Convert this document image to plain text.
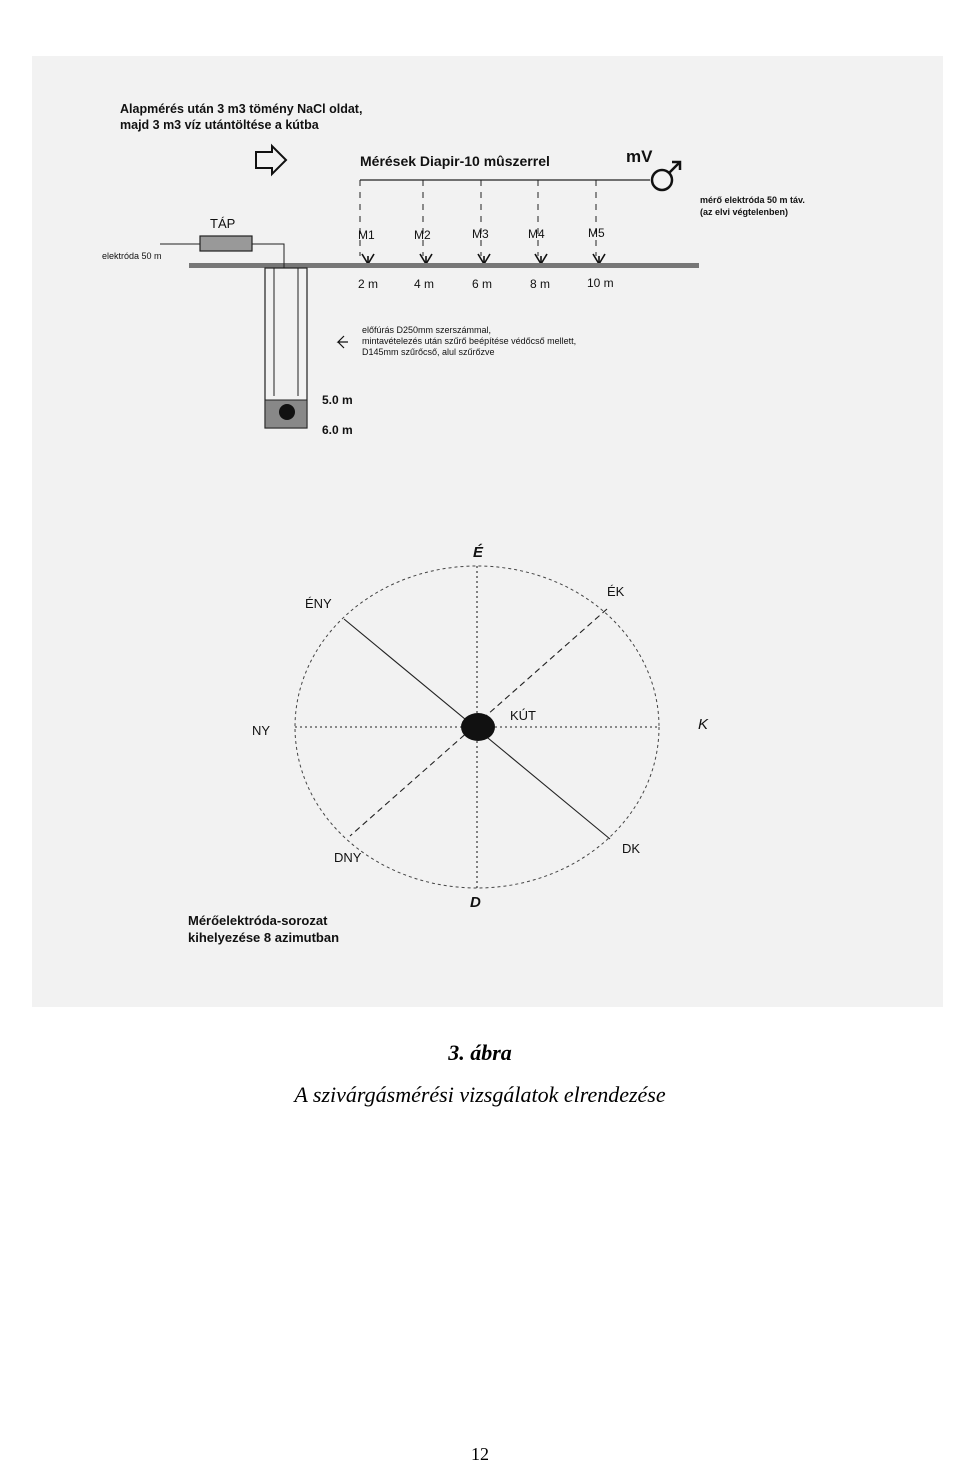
Alapmérés után 3 m3 tömény NaCl oldat,
majd 3 m3 víz utántöltése a kútba
Mérések Diapir-10 mûszerrel	mV
mérő elektróda 50 m táv.
(az elvi végtelenben)
M1	M2	M3	M4	M5
2 m	4 m	6 m	8 m	10 m
TÁP
elektróda 50 m
5.0 m
6.0 m
előfúrás D250mm szerszámmal,
mintavételezés után szűrő beépítése védőcső mellett,
D145mm szűrőcső, alul szűrőzve
KÚT
É
ÉK
K
DK
D
DNY
NY
ÉNY
Mérőelektróda-sorozat
kihelyezése 8 azimutban
3. ábra
A szivárgásmérési vizsgálatok elrendezése
12
